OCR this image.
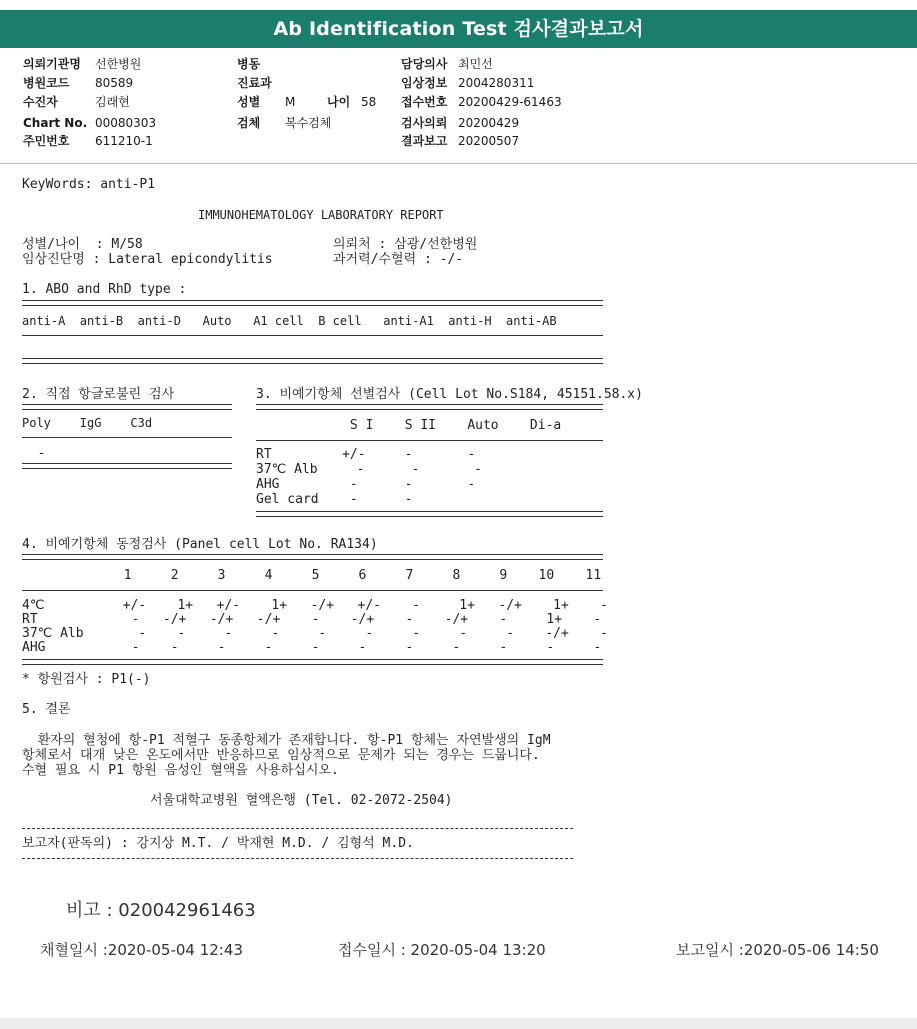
Ab Identification Test 검사결과보고서
의뢰기관명 선한병원
병원코드 80589
수진자	김래현
Chart No. 00080303
주민번호 611210-1
병동
진료과
성별 M	나이 58
검체 복수검체
담당의사 최민선
임상정보 2004280311
접수번호 20200429-61463
검사의뢰 20200429
결과보고 20200507
KeyWords: anti-P1
IMMUNOHEMATOLOGY LABORATORY REPORT
성별/나이  : M/58
임상진단명 : Lateral epicondylitis
의뢰처 : 삼광/선한병원
과거력/수혈력 : -/-
1. ABO and RhD type :
anti-A  anti-B  anti-D   Auto   A1 cell  B cell   anti-A1  anti-H  anti-AB
2. 직접 항글로불린 검사
Poly    IgG    C3d
-
3. 비예기항체 선별검사 (Cell Lot No.S184, 45151.58.x)
S I    S II    Auto    Di-a
RT         +/-     -       -
37℃ Alb     -      -       -
AHG         -      -       -
Gel card    -      -
4. 비예기항체 동정검사 (Panel cell Lot No. RA134)
1     2     3     4     5     6     7     8     9    10    11
4℃          +/-    1+   +/-    1+   -/+   +/-    -     1+   -/+    1+    -
RT            -   -/+   -/+   -/+    -    -/+    -    -/+    -     1+    -
37℃ Alb       -    -     -     -     -     -     -     -     -    -/+    -
AHG           -    -     -     -     -     -     -     -     -     -     -
* 항원검사 : P1(-)
5. 결론
환자의 혈청에 항-P1 적혈구 동종항체가 존재합니다. 항-P1 항체는 자연발생의 IgM
항체로서 대개 낮은 온도에서만 반응하므로 임상적으로 문제가 되는 경우는 드뭅니다.
수혈 필요 시 P1 항원 음성인 혈액을 사용하십시오.
서울대학교병원 혈액은행 (Tel. 02-2072-2504)
보고자(판독의) : 강지상 M.T. / 박재현 M.D. / 김형석 M.D.
비고 : 020042961463
채혈일시 :2020-05-04 12:43	접수일시 : 2020-05-04 13:20	보고일시 :2020-05-06 14:50
